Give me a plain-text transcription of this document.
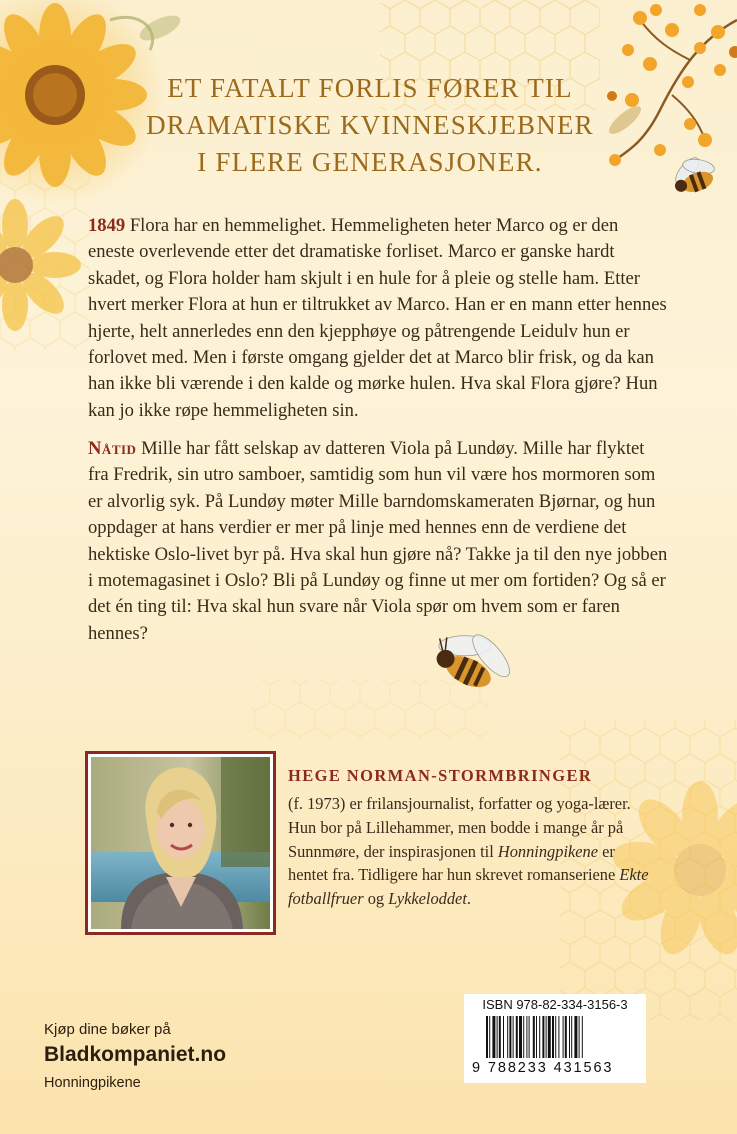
ET FATALT FORLIS FØRER TIL
DRAMATISKE KVINNESKJEBNER
I FLERE GENERASJONER.

1849 Flora har en hemmelighet. Hemmeligheten heter Marco og er den eneste overlevende etter det dramatiske forliset. Marco er ganske hardt skadet, og Flora holder ham skjult i en hule for å pleie og stelle ham. Etter hvert merker Flora at hun er tiltrukket av Marco. Han er en mann etter hennes hjerte, helt annerledes enn den kjepphøye og påtrengende Leidulv hun er forlovet med. Men i første omgang gjelder det at Marco blir frisk, og da kan han ikke bli værende i den kalde og mørke hulen. Hva skal Flora gjøre? Hun kan jo ikke røpe hemmeligheten sin.

Nåtid Mille har fått selskap av datteren Viola på Lundøy. Mille har flyktet fra Fredrik, sin utro samboer, samtidig som hun vil være hos mormoren som er alvorlig syk. På Lundøy møter Mille barndomskameraten Bjørnar, og hun oppdager at hans verdier er mer på linje med hennes enn de verdiene det hektiske Oslo-livet byr på. Hva skal hun gjøre nå? Takke ja til den nye jobben i motemagasinet i Oslo? Bli på Lundøy og finne ut mer om fortiden? Og så er det én ting til: Hva skal hun svare når Viola spør om hvem som er faren hennes?

HEGE NORMAN-STORMBRINGER

(f. 1973) er frilansjournalist, forfatter og yoga-lærer. Hun bor på Lillehammer, men bodde i mange år på Sunnmøre, der inspirasjonen til Honningpikene er hentet fra. Tidligere har hun skrevet romanseriene Ekte fotballfruer og Lykkeloddet.

Kjøp dine bøker på
Bladkompaniet.no
Honningpikene
ISBN 978-82-334-3156-3
9 788233 431563
